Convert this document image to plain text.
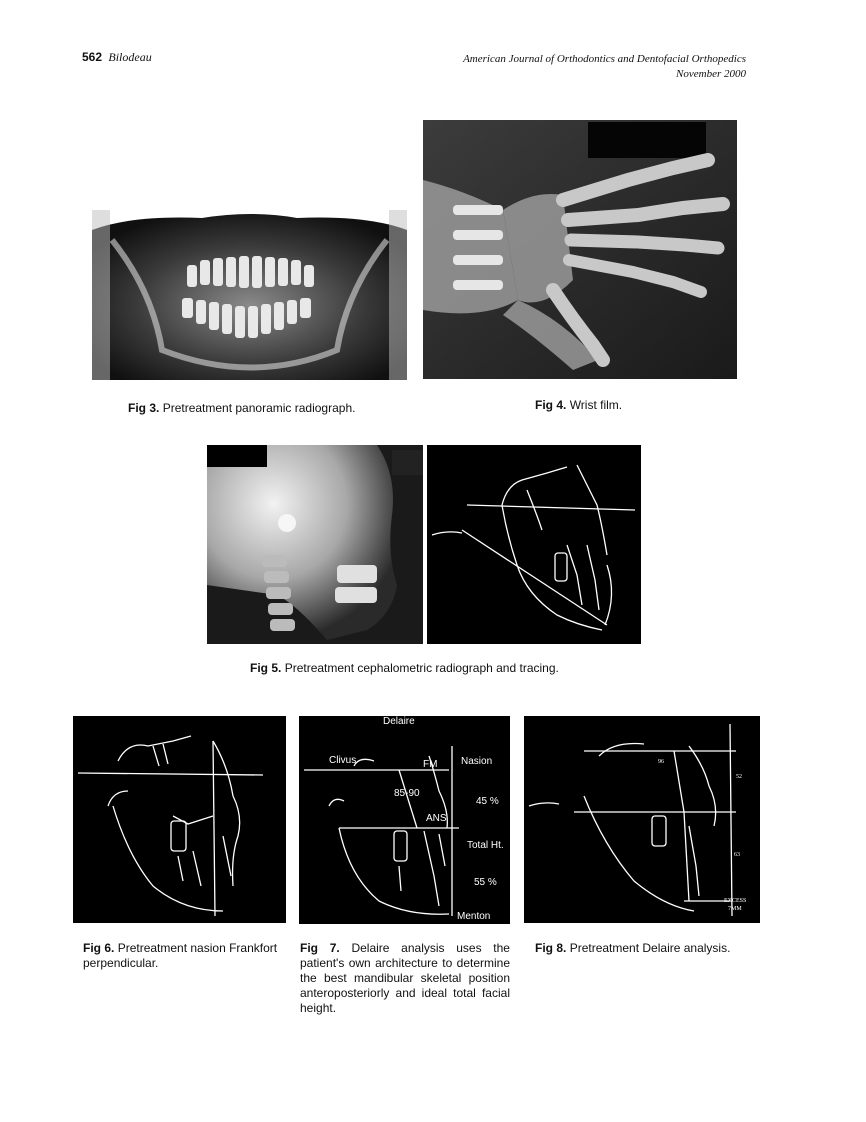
562 Bilodeau	American Journal of Orthodontics and Dentofacial Orthopedics
November 2000
Fig 3. Pretreatment panoramic radiograph.	Fig 4. Wrist film.
Fig 5. Pretreatment cephalometric radiograph and tracing.
Fig 6. Pretreatment nasion Frankfort perpendicular.
Delaire
Clivus	FM Nasion
85-90
45 %
ANS
Total Ht.
55 %
Menton
Fig 7. Delaire analysis uses the patient's own architecture to determine the best mandibular skeletal position anteroposteriorly and ideal total facial height.
96
52
63
EXCESS
7MM
Fig 8. Pretreatment Delaire analysis.
